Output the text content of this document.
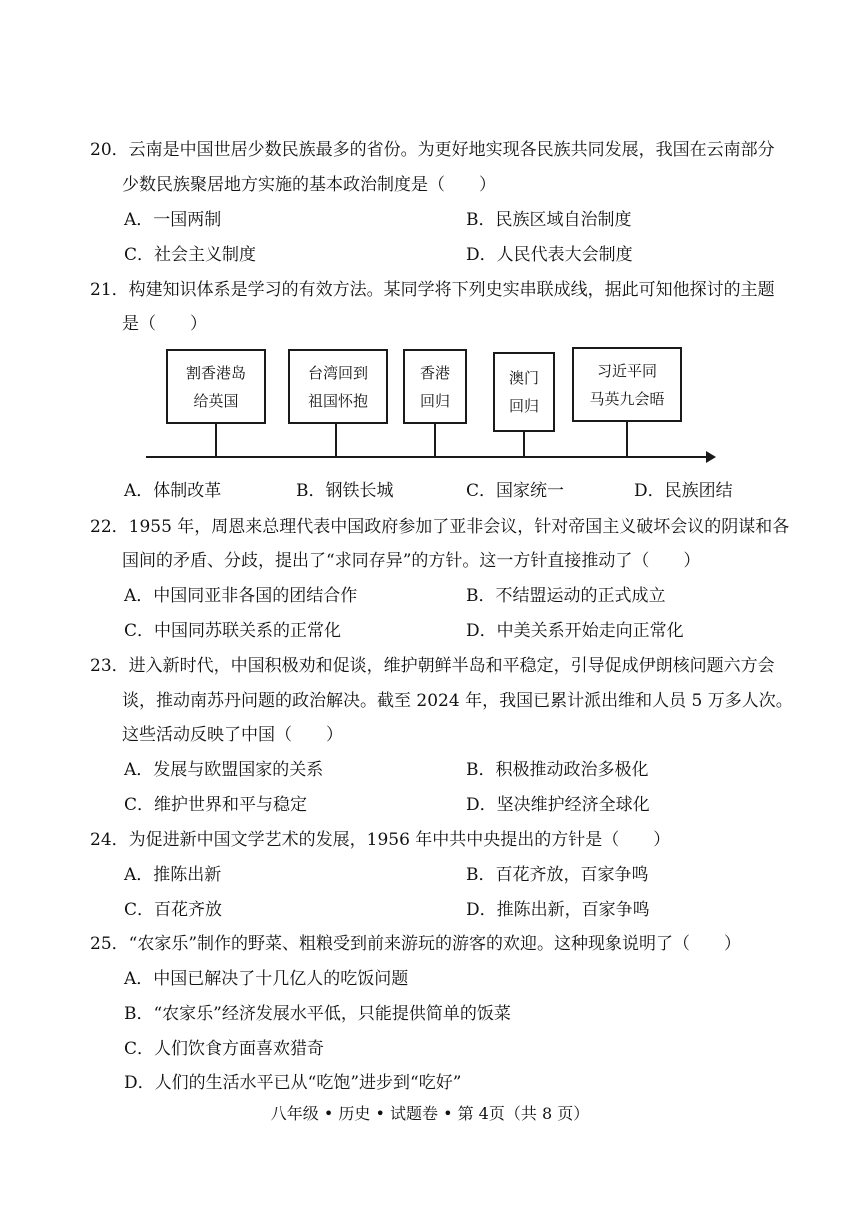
20．云南是中国世居少数民族最多的省份。为更好地实现各民族共同发展，我国在云南部分
少数民族聚居地方实施的基本政治制度是（　　）
A．一国两制	B．民族区域自治制度
C．社会主义制度	D．人民代表大会制度
21．构建知识体系是学习的有效方法。某同学将下列史实串联成线，据此可知他探讨的主题
是（　　）
割香港岛
给英国
台湾回到
祖国怀抱
香港
回归
澳门
回归
习近平同
马英九会晤
A．体制改革	B．钢铁长城	C．国家统一	D．民族团结
22．1955 年，周恩来总理代表中国政府参加了亚非会议，针对帝国主义破坏会议的阴谋和各
国间的矛盾、分歧，提出了“求同存异”的方针。这一方针直接推动了（　　）
A．中国同亚非各国的团结合作	B．不结盟运动的正式成立
C．中国同苏联关系的正常化	D．中美关系开始走向正常化
23．进入新时代，中国积极劝和促谈，维护朝鲜半岛和平稳定，引导促成伊朗核问题六方会
谈，推动南苏丹问题的政治解决。截至 2024 年，我国已累计派出维和人员 5 万多人次。
这些活动反映了中国（　　）
A．发展与欧盟国家的关系	B．积极推动政治多极化
C．维护世界和平与稳定	D．坚决维护经济全球化
24．为促进新中国文学艺术的发展，1956 年中共中央提出的方针是（　　）
A．推陈出新	B．百花齐放，百家争鸣
C．百花齐放	D．推陈出新，百家争鸣
25．“农家乐”制作的野菜、粗粮受到前来游玩的游客的欢迎。这种现象说明了（　　）
A．中国已解决了十几亿人的吃饭问题
B．“农家乐”经济发展水平低，只能提供简单的饭菜
C．人们饮食方面喜欢猎奇
D．人们的生活水平已从“吃饱”进步到“吃好”
八年级 • 历史 • 试题卷 • 第 4页（共 8 页）
